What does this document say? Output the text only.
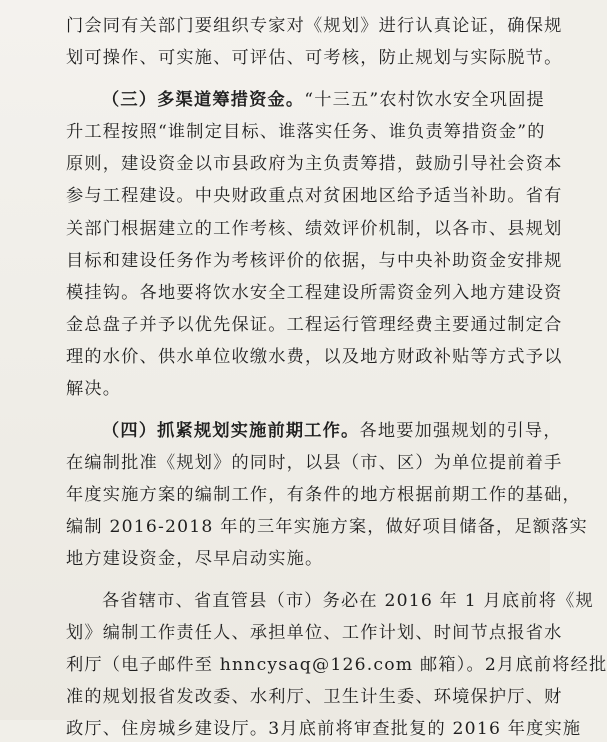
门会同有关部门要组织专家对《规划》进行认真论证，确保规
划可操作、可实施、可评估、可考核，防止规划与实际脱节。
（三）多渠道筹措资金。“十三五”农村饮水安全巩固提
升工程按照“谁制定目标、谁落实任务、谁负责筹措资金”的
原则，建设资金以市县政府为主负责筹措，鼓励引导社会资本
参与工程建设。中央财政重点对贫困地区给予适当补助。省有
关部门根据建立的工作考核、绩效评价机制，以各市、县规划
目标和建设任务作为考核评价的依据，与中央补助资金安排规
模挂钩。各地要将饮水安全工程建设所需资金列入地方建设资
金总盘子并予以优先保证。工程运行管理经费主要通过制定合
理的水价、供水单位收缴水费，以及地方财政补贴等方式予以
解决。
（四）抓紧规划实施前期工作。各地要加强规划的引导，
在编制批准《规划》的同时，以县（市、区）为单位提前着手
年度实施方案的编制工作，有条件的地方根据前期工作的基础，
编制 2016-2018 年的三年实施方案，做好项目储备，足额落实
地方建设资金，尽早启动实施。
各省辖市、省直管县（市）务必在 2016 年 1 月底前将《规
划》编制工作责任人、承担单位、工作计划、时间节点报省水
利厅（电子邮件至 hnncysaq@126.com 邮箱）。2月底前将经批
准的规划报省发改委、水利厅、卫生计生委、环境保护厅、财
政厅、住房城乡建设厅。3月底前将审查批复的 2016 年度实施
